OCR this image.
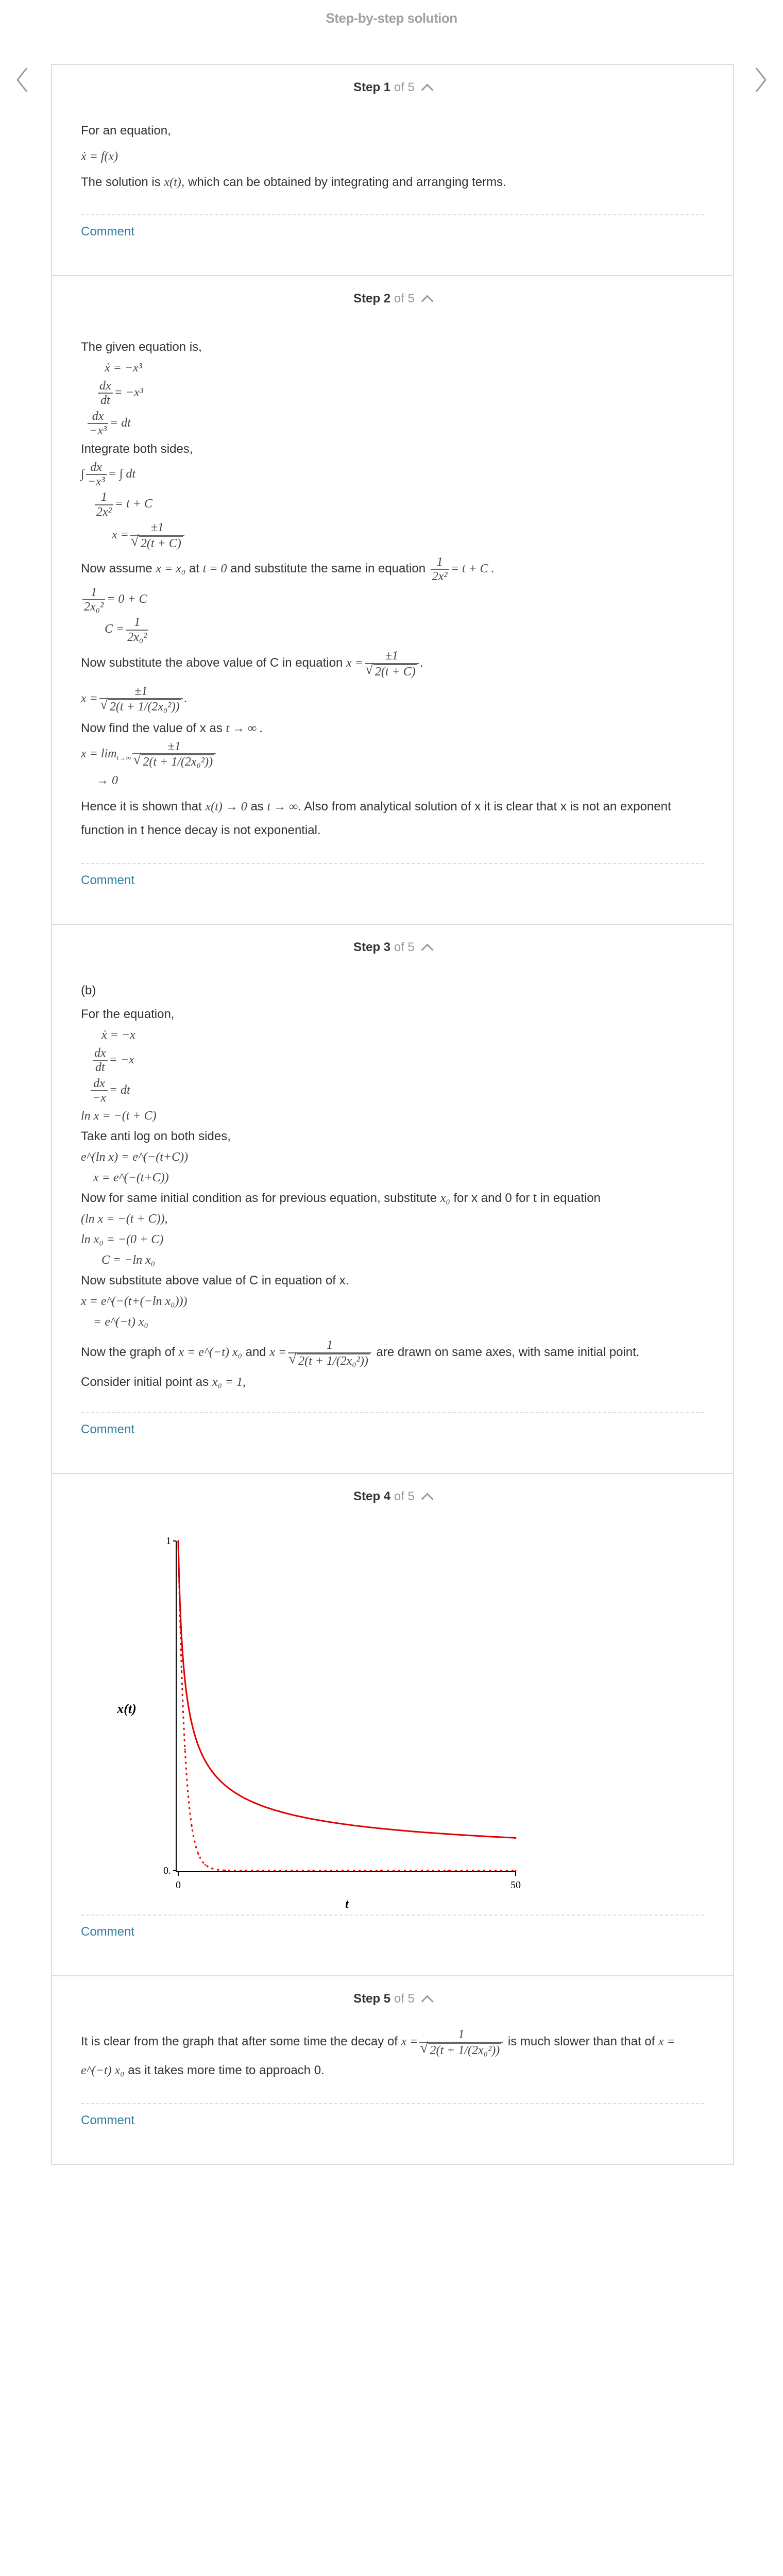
Step-by-step solution
Step 1 of 5

For an equation,

ẋ = f(x)

The solution is x(t), which can be obtained by integrating and arranging terms.

Comment
Step 2 of 5

The given equation is,

ẋ = −x³
$\frac{dx}{dt} = -x^3$
$\frac{dx}{\text{−x³}}$ = dt

Integrate both sides,

∫ $\frac{dx}{\text{−x³}}$ = ∫ dt
$\frac{1}{\text{2x²}} = t + C$
x = ±1
√ 2(t + C)

Now assume x = x₀ at t = 0 and substitute the same in equation $\frac{1}{\text{2x²}} = t + C$ .

$\frac{1}{\text{2x₀²}} = 0 + C$
$C = \frac{1}{\text{2x₀²}}$

Now substitute the above value of C in equation x = ±1
√ 2(t + C) .

x = ±1
√ 2(t + 1/(2x₀²)) .

Now find the value of x as t → ∞ .

$x = \lim_{t\to\infty} \pm 1$
√ 2(t + 1/(2x₀²))
→ 0

Hence it is shown that x(t) → 0 as t → ∞. Also from analytical solution of x it is clear that x is not an exponent function in t hence decay is not exponential.

Comment
Step 3 of 5

(b)

For the equation,

ẋ = −x
$\frac{dx}{dt} = -x$
$\frac{dx}{-x}$ = dt
ln x = −(t + C)

Take anti log on both sides,

e^(ln x) = e^(−(t+C))
x = e^(−(t+C))

Now for same initial condition as for previous equation, substitute x₀ for x and 0 for t in equation

(ln x = −(t + C)),
ln x₀ = −(0 + C)
C = −ln x₀

Now substitute above value of C in equation of x.

x = e^(−(t+(−ln x₀)))
= e^(−t) x₀

Now the graph of x = e^(−t) x₀ and x = 1
√ 2(t + 1/(2x₀²)) are drawn on same axes, with same initial point.

Consider initial point as x₀ = 1,

Comment
Step 4 of 5
1
0.
0	50
t
x(t)
Comment
Step 5 of 5

It is clear from the graph that after some time the decay of x = 1
√ 2(t + 1/(2x₀²)) is much slower than that of x = e^(−t) x₀ as it takes more time to approach 0.

Comment
